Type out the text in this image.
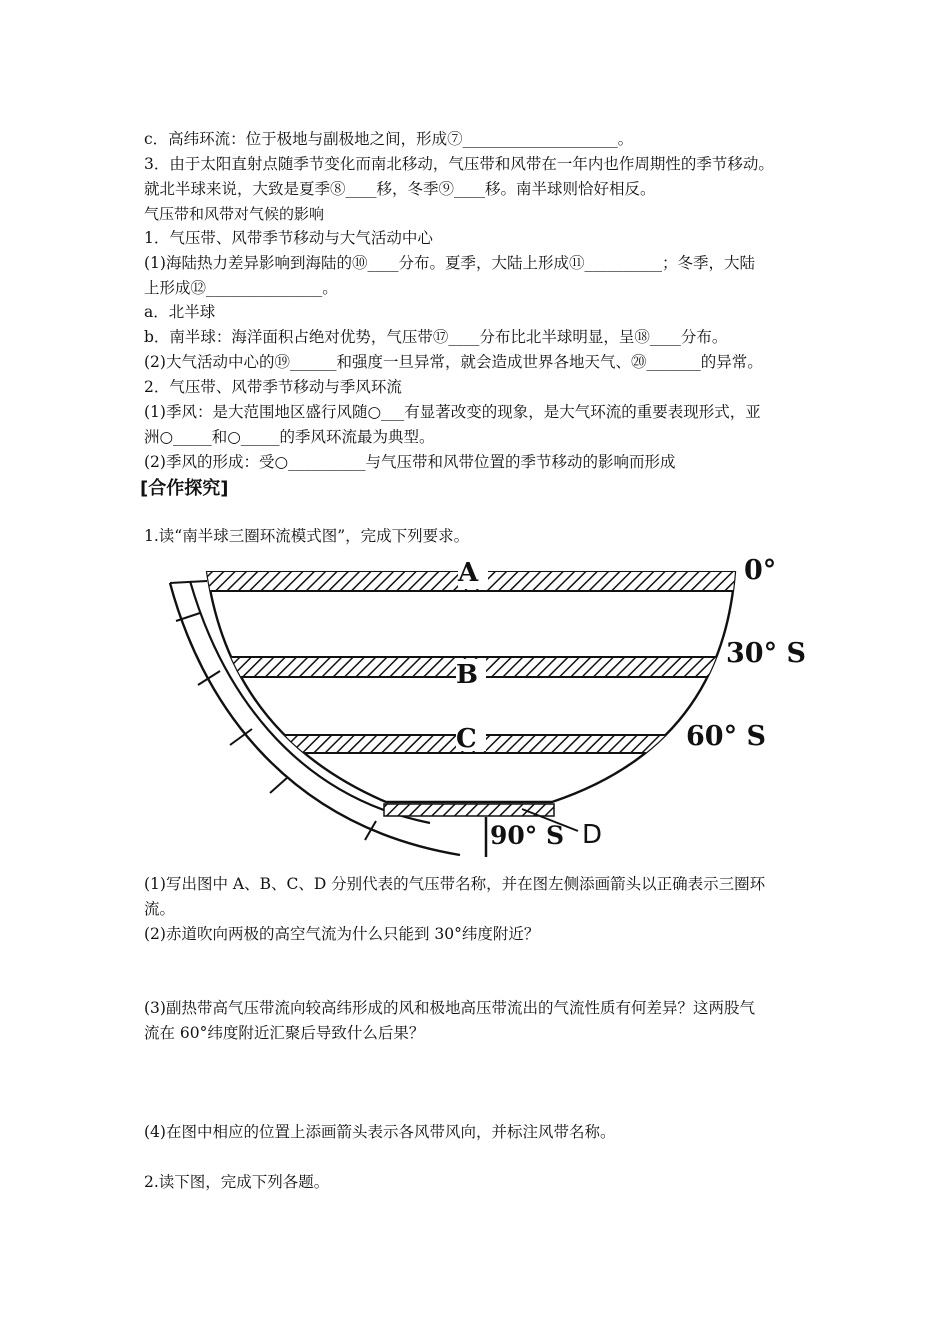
c．高纬环流：位于极地与副极地之间，形成⑦____________________。
3．由于太阳直射点随季节变化而南北移动，气压带和风带在一年内也作周期性的季节移动。
就北半球来说，大致是夏季⑧____移，冬季⑨____移。南半球则恰好相反。
气压带和风带对气候的影响
1．气压带、风带季节移动与大气活动中心
(1)海陆热力差异影响到海陆的⑩____分布。夏季，大陆上形成⑪__________；冬季，大陆
上形成⑫_______________。
a．北半球
b．南半球：海洋面积占绝对优势，气压带⑰____分布比北半球明显，呈⑱____分布。
(2)大气活动中心的⑲______和强度一旦异常，就会造成世界各地天气、⑳_______的异常。
2．气压带、风带季节移动与季风环流
(1)季风：是大范围地区盛行风随○___有显著改变的现象，是大气环流的重要表现形式，亚
洲○_____和○_____的季风环流最为典型。
(2)季风的形成：受○__________与气压带和风带位置的季节移动的影响而形成
[合作探究]
1.读“南半球三圈环流模式图”，完成下列要求。
A
B
C
D
90° S
0°
30° S
60° S
(1)写出图中 A、B、C、D 分别代表的气压带名称，并在图左侧添画箭头以正确表示三圈环
流。
(2)赤道吹向两极的高空气流为什么只能到 30°纬度附近？
(3)副热带高气压带流向较高纬形成的风和极地高压带流出的气流性质有何差异？这两股气
流在 60°纬度附近汇聚后导致什么后果？
(4)在图中相应的位置上添画箭头表示各风带风向，并标注风带名称。
2.读下图，完成下列各题。
